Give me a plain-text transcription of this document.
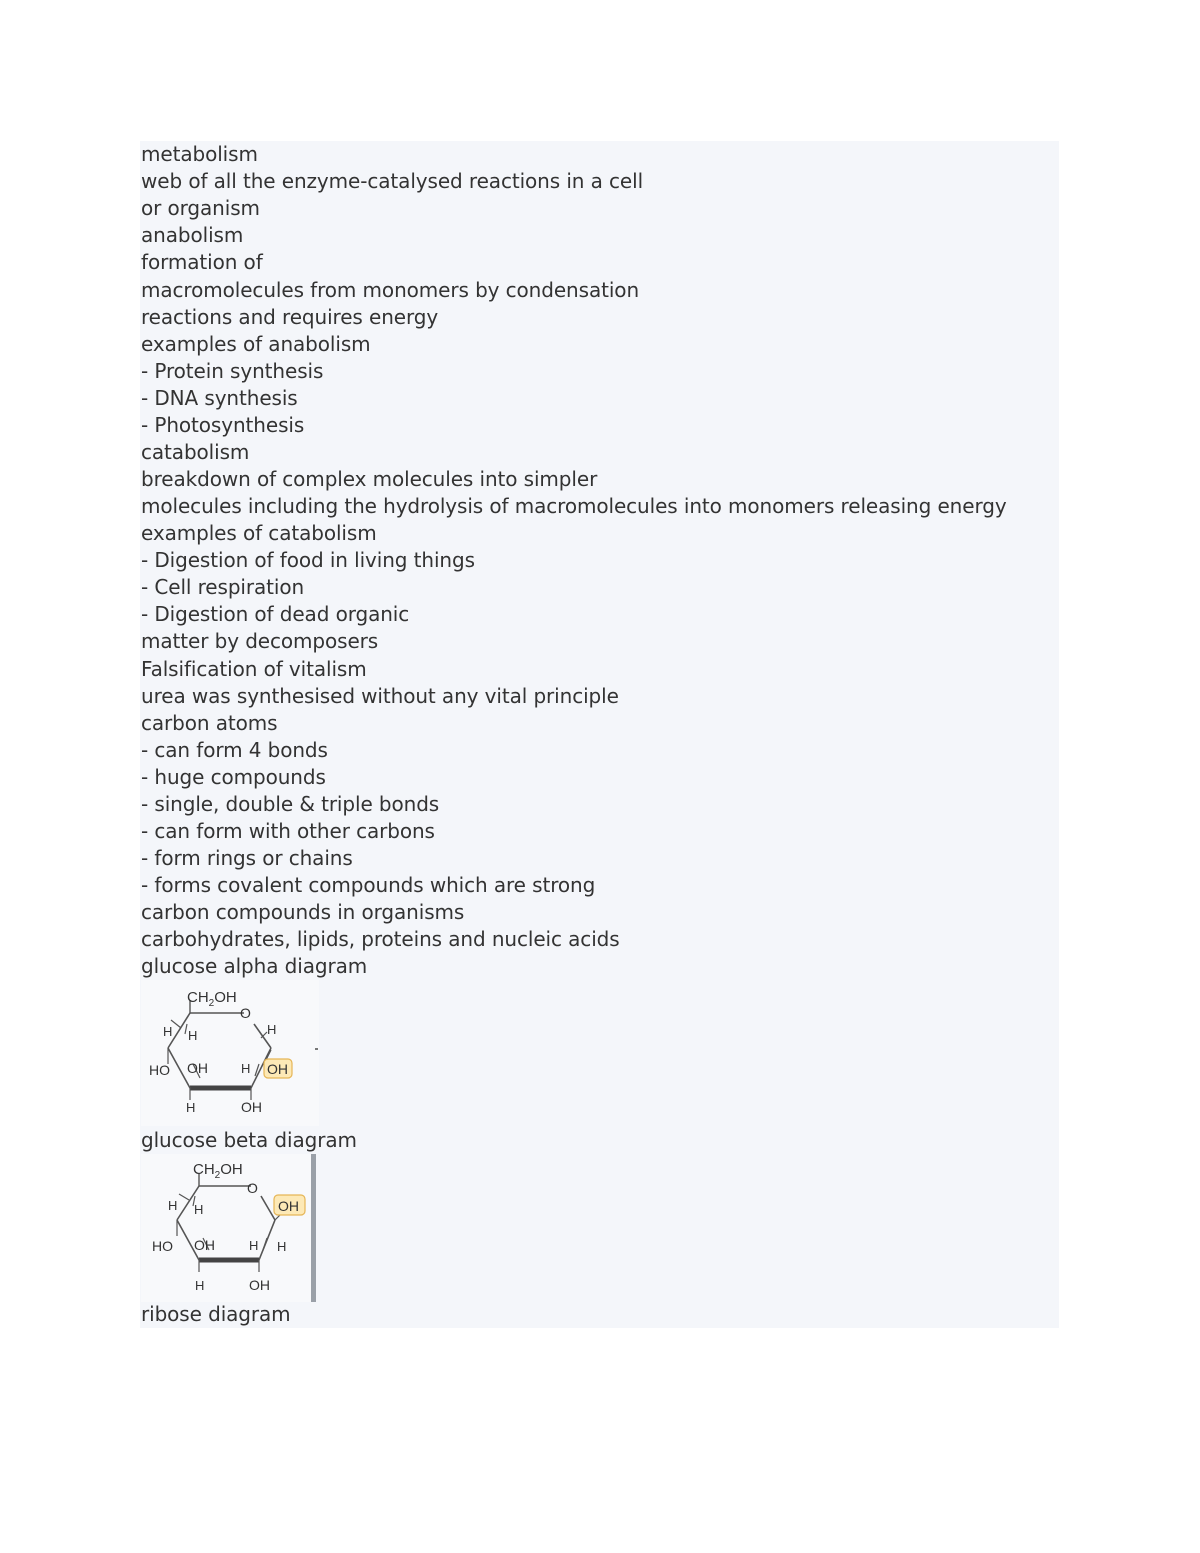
metabolism
web of all the enzyme-catalysed reactions in a cell
or organism
anabolism
formation of
macromolecules from monomers by condensation
reactions and requires energy
examples of anabolism
- Protein synthesis
- DNA synthesis
- Photosynthesis
catabolism
breakdown of complex molecules into simpler
molecules including the hydrolysis of macromolecules into monomers releasing energy
examples of catabolism
- Digestion of food in living things
- Cell respiration
- Digestion of dead organic
matter by decomposers
Falsification of vitalism
urea was synthesised without any vital principle
carbon atoms
- can form 4 bonds
- huge compounds
- single, double & triple bonds
- can form with other carbons
- form rings or chains
- forms covalent compounds which are strong
carbon compounds in organisms
carbohydrates, lipids, proteins and nucleic acids
glucose alpha diagram
$CH_2OH$
O
H H	H
HO OH	H OH
H	OH
glucose beta diagram
$CH_2OH$
O
H H	OH
HO OH	H H
H	OH
ribose diagram
